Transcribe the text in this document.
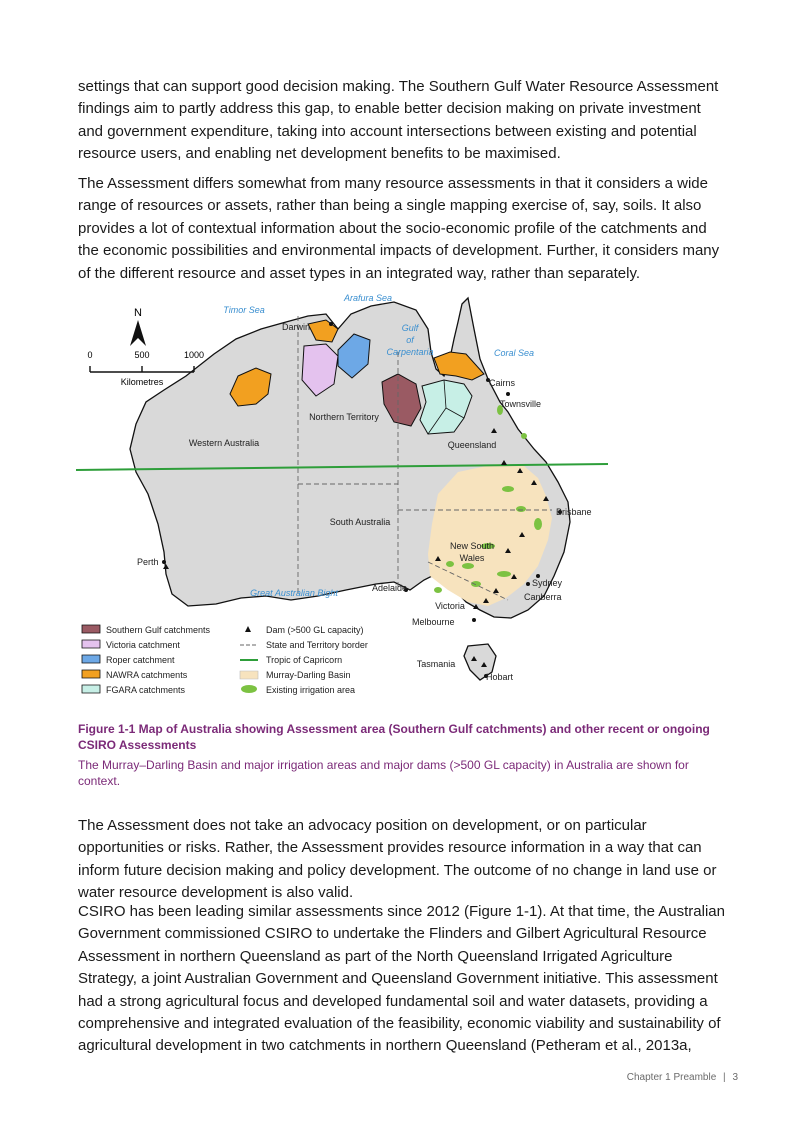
settings that can support good decision making. The Southern Gulf Water Resource Assessment findings aim to partly address this gap, to enable better decision making on private investment and government expenditure, taking into account intersections between existing and potential resource users, and enabling net development benefits to be maximised.

The Assessment differs somewhat from many resource assessments in that it considers a wide range of resources or assets, rather than being a single mapping exercise of, say, soils. It also provides a lot of contextual information about the socio-economic profile of the catchments and the economic possibilities and environmental impacts of development. Further, it considers many of the different resource and asset types in an integrated way, rather than separately.

N
0	500	1000
Kilometres
Arafura Sea
Timor Sea
Gulf
of
Carpentaria	Coral Sea
Great Australian Bight
Western Australia
Northern Territory
Queensland
South Australia
New South
Wales
Victoria
Tasmania
Darwin
Cairns
Townsville
Brisbane
Sydney
Canberra
Melbourne
Adelaide
Perth
Hobart
Southern Gulf catchments
Victoria catchment
Roper catchment
NAWRA catchments
FGARA catchments
Dam (>500 GL capacity)
State and Territory border
Tropic of Capricorn
Murray-Darling Basin
Existing irrigation area
Figure 1-1 Map of Australia showing Assessment area (Southern Gulf catchments) and other recent or ongoing CSIRO Assessments
The Murray–Darling Basin and major irrigation areas and major dams (>500 GL capacity) in Australia are shown for context.

The Assessment does not take an advocacy position on development, or on particular opportunities or risks. Rather, the Assessment provides resource information in a way that can inform future decision making and policy development. The outcome of no change in land use or water resource development is also valid.

CSIRO has been leading similar assessments since 2012 (Figure 1-1). At that time, the Australian Government commissioned CSIRO to undertake the Flinders and Gilbert Agricultural Resource Assessment in northern Queensland as part of the North Queensland Irrigated Agriculture Strategy, a joint Australian Government and Queensland Government initiative. This assessment had a strong agricultural focus and developed fundamental soil and water datasets, providing a comprehensive and integrated evaluation of the feasibility, economic viability and sustainability of agricultural development in two catchments in northern Queensland (Petheram et al., 2013a,

Chapter 1 Preamble | 3
